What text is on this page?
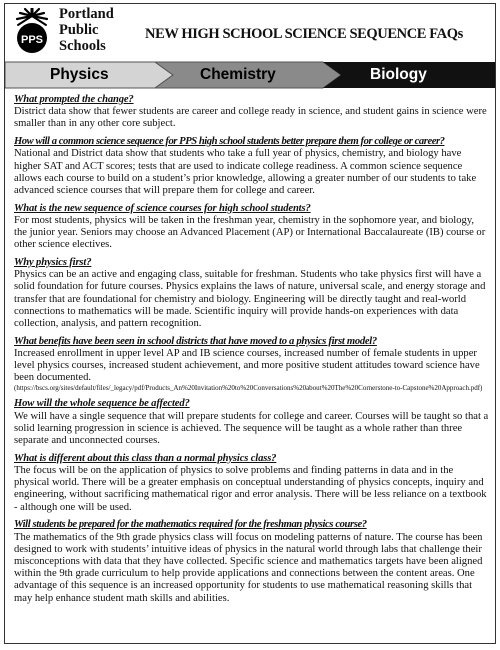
PPS
Portland
Public
Schools
NEW HIGH SCHOOL SCIENCE SEQUENCE FAQs
Physics	Chemistry	Biology
What prompted the change?

District data show that fewer students are career and college ready in science, and student gains in science were smaller than in any other core subject.

How will a common science sequence for PPS high school students better prepare them for college or career?

National and District data show that students who take a full year of physics, chemistry, and biology have higher SAT and ACT scores; tests that are used to indicate college readiness. A common science sequence allows each course to build on a student’s prior knowledge, allowing a greater number of our students to take advanced science courses that will prepare them for college and career.

What is the new sequence of science courses for high school students?

For most students, physics will be taken in the freshman year, chemistry in the sophomore year, and biology, the junior year. Seniors may choose an Advanced Placement (AP) or International Baccalaureate (IB) course or other science electives.

Why physics first?

Physics can be an active and engaging class, suitable for freshman. Students who take physics first will have a solid foundation for future courses. Physics explains the laws of nature, universal scale, and energy storage and transfer that are foundational for chemistry and biology. Engineering will be directly taught and real-world connections to mathematics will be made. Scientific inquiry will provide hands-on experiences with data collection, analysis, and pattern recognition.

What benefits have been seen in school districts that have moved to a physics first model?

Increased enrollment in upper level AP and IB science courses, increased number of female students in upper level physics courses, increased student achievement, and more positive student attitudes toward science have been documented.

(https://bscs.org/sites/default/files/_legacy/pdf/Products_An%20Invitation%20to%20Conversations%20about%20The%20Cornerstone-to-Capstone%20Approach.pdf)
How will the whole sequence be affected?

We will have a single sequence that will prepare students for college and career. Courses will be taught so that a solid learning progression in science is achieved. The sequence will be taught as a whole rather than three separate and unconnected courses.

What is different about this class than a normal physics class?

The focus will be on the application of physics to solve problems and finding patterns in data and in the physical world. There will be a greater emphasis on conceptual understanding of physics concepts, inquiry and engineering, without sacrificing mathematical rigor and error analysis. There will be less reliance on a textbook - although one will be used.

Will students be prepared for the mathematics required for the freshman physics course?

The mathematics of the 9th grade physics class will focus on modeling patterns of nature. The course has been designed to work with students’ intuitive ideas of physics in the natural world through labs that challenge their misconceptions with data that they have collected. Specific science and mathematics targets have been aligned within the 9th grade curriculum to help provide applications and connections between the content areas. One advantage of this sequence is an increased opportunity for students to use mathematical reasoning skills that may help enhance student math skills and abilities.
